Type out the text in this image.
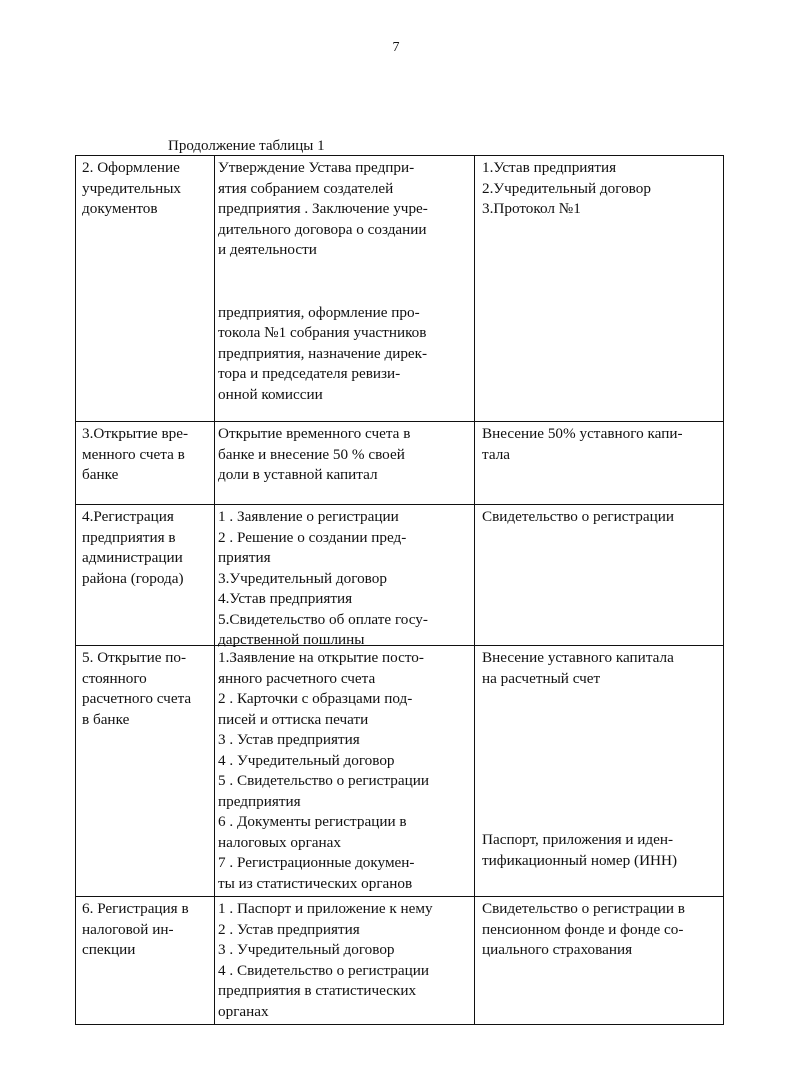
7
Продолжение таблицы 1
2. Оформление
учредительных
документов
Утверждение Устава предпри-
ятия собранием создателей
предприятия . Заключение учре-
дительного договора о создании
и деятельности
предприятия, оформление про-
токола №1 собрания участников
предприятия, назначение дирек-
тора и председателя ревизи-
онной комиссии
1.Устав предприятия
2.Учредительный договор
3.Протокол №1
3.Открытие вре-
менного счета в
банке
Открытие временного счета в
банке и внесение 50 % своей
доли в уставной капитал
Внесение 50% уставного капи-
тала
4.Регистрация
предприятия в
администрации
района (города)
1 . Заявление о регистрации
2 . Решение о создании пред-
приятия
3.Учредительный договор
4.Устав предприятия
5.Свидетельство об оплате госу-
дарственной пошлины
Свидетельство о регистрации
5. Открытие по-
стоянного
расчетного счета
в банке
1.Заявление на открытие посто-
янного расчетного счета
2 . Карточки с образцами под-
писей и оттиска печати
3 . Устав предприятия
4 . Учредительный договор
5 . Свидетельство о регистрации
предприятия
6 . Документы регистрации в
налоговых органах
7 . Регистрационные докумен-
ты из статистических органов
Внесение уставного капитала
на расчетный счет
Паспорт, приложения и иден-
тификационный номер (ИНН)
6. Регистрация в
налоговой ин-
спекции
1 . Паспорт и приложение к нему
2 . Устав предприятия
3 . Учредительный договор
4 . Свидетельство о регистрации
предприятия в статистических
органах
Свидетельство о регистрации в
пенсионном фонде и фонде со-
циального страхования
